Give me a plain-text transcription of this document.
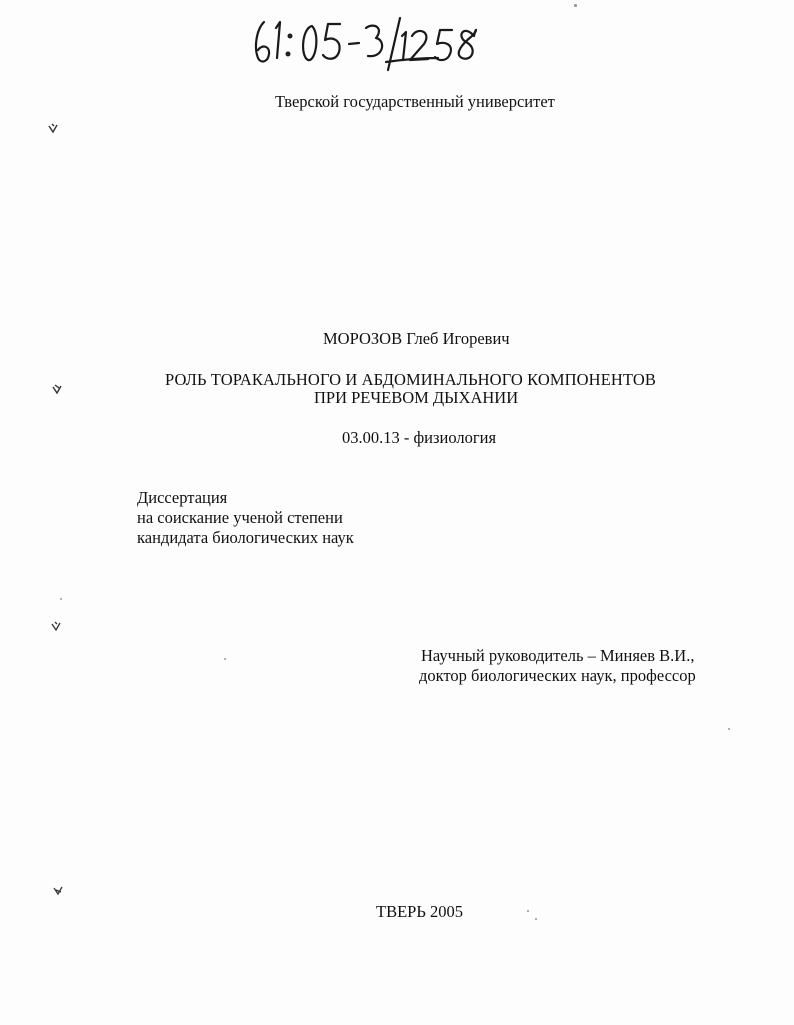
Тверской государственный университет
МОРОЗОВ Глеб Игоревич
РОЛЬ ТОРАКАЛЬНОГО И АБДОМИНАЛЬНОГО КОМПОНЕНТОВ
ПРИ РЕЧЕВОМ ДЫХАНИИ
03.00.13 - физиология
Диссертация
на соискание ученой степени
кандидата биологических наук
Научный руководитель – Миняев В.И.,
доктор биологических наук, профессор
ТВЕРЬ 2005
